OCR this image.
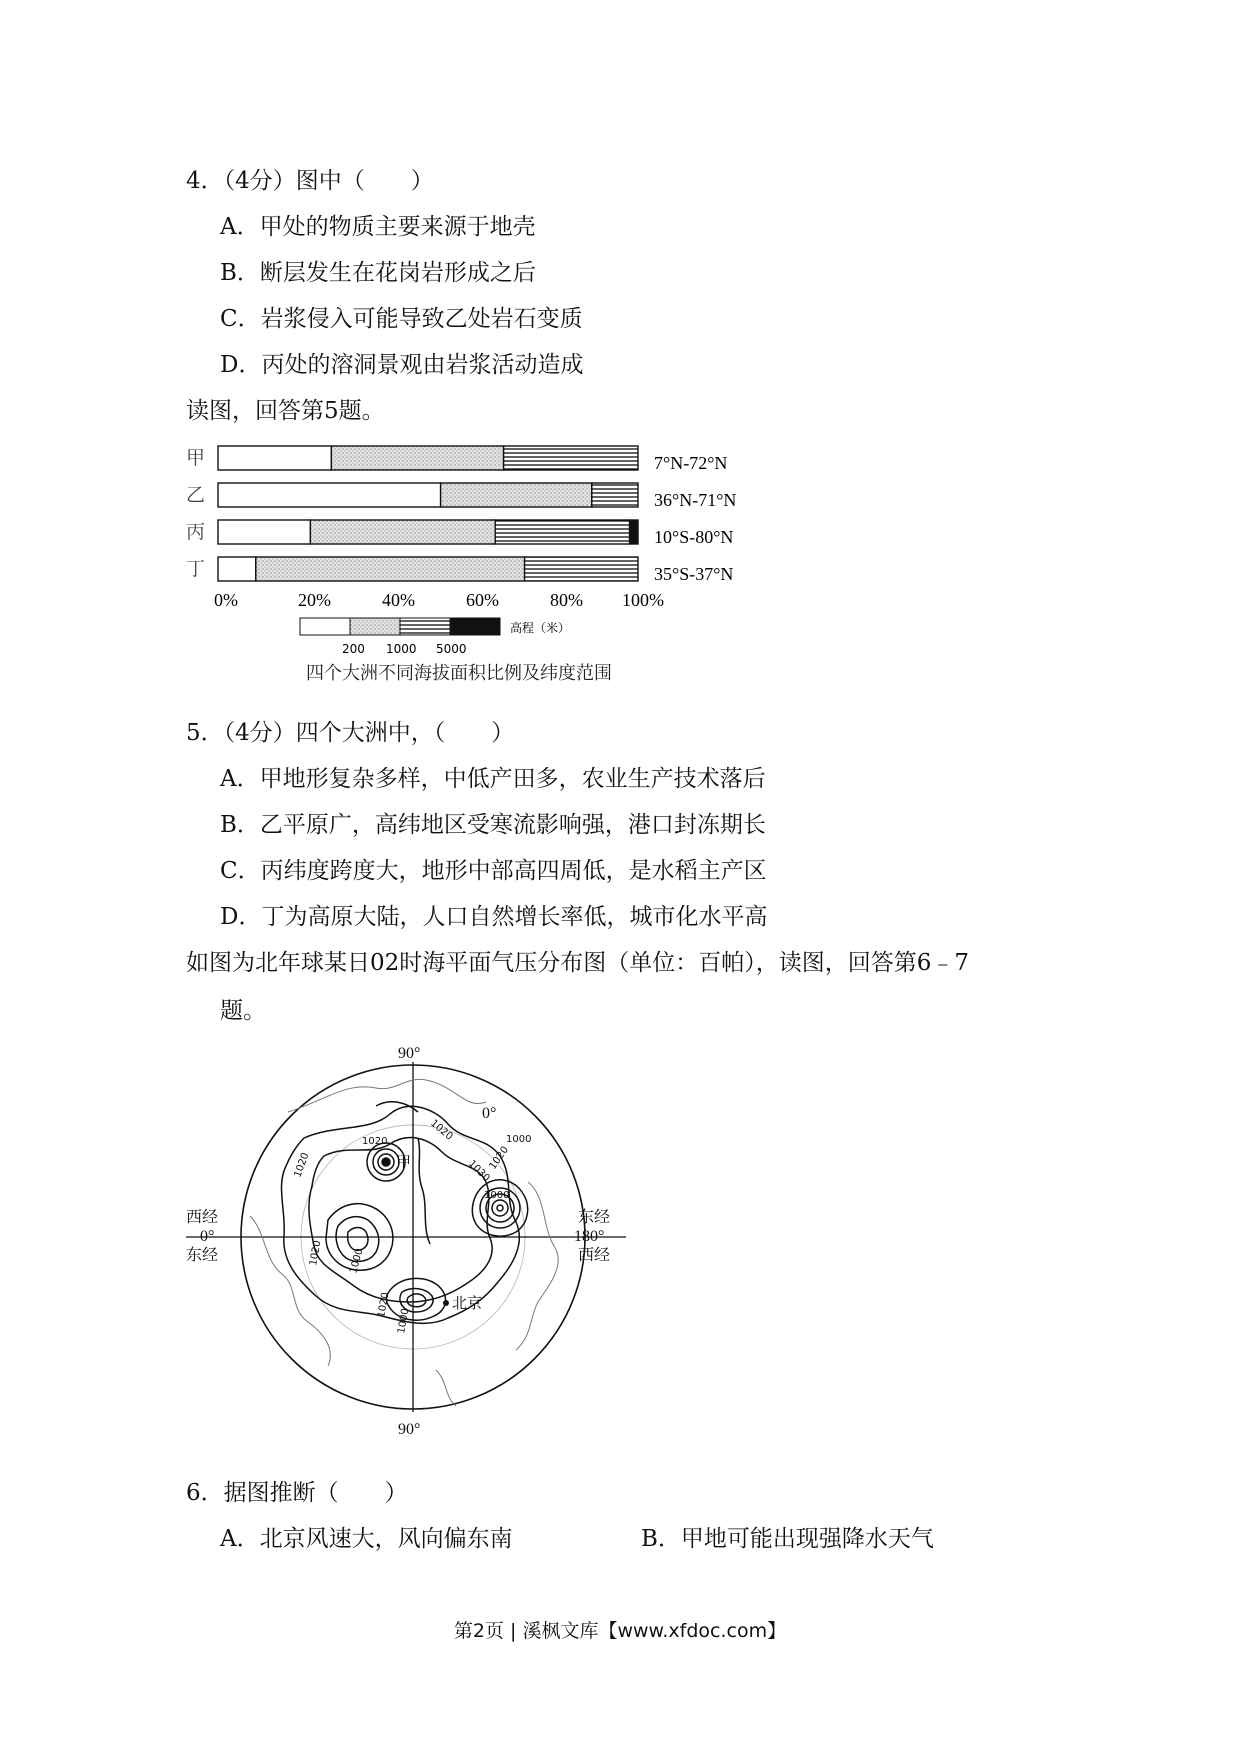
4．（4分）图中（　　）
A．甲处的物质主要来源于地壳
B．断层发生在花岗岩形成之后
C．岩浆侵入可能导致乙处岩石变质
D．丙处的溶洞景观由岩浆活动造成
读图，回答第5题。
甲	7°N-72°N
乙	36°N-71°N
丙	10°S-80°N
丁	35°S-37°N
0%	20%	40%	60%	80% 100%
高程（米）
200 1000 5000
四个大洲不同海拔面积比例及纬度范围
5．（4分）四个大洲中，（　　）
A．甲地形复杂多样，中低产田多，农业生产技术落后
B．乙平原广，高纬地区受寒流影响强，港口封冻期长
C．丙纬度跨度大，地形中部高四周低，是水稻主产区
D．丁为高原大陆，人口自然增长率低，城市化水平高
如图为北年球某日02时海平面气压分布图（单位：百帕），读图，回答第6﹣7
题。
90°
90°
0°
西经
0°
东经
东经
180°
西经
1020	1000
1020	1030
1020
1020 1000
1020
1000
1020
1000
甲
北京
6．据图推断（　　）
A．北京风速大，风向偏东南	B．甲地可能出现强降水天气
第2页 | 溪枫文库【www.xfdoc.com】
